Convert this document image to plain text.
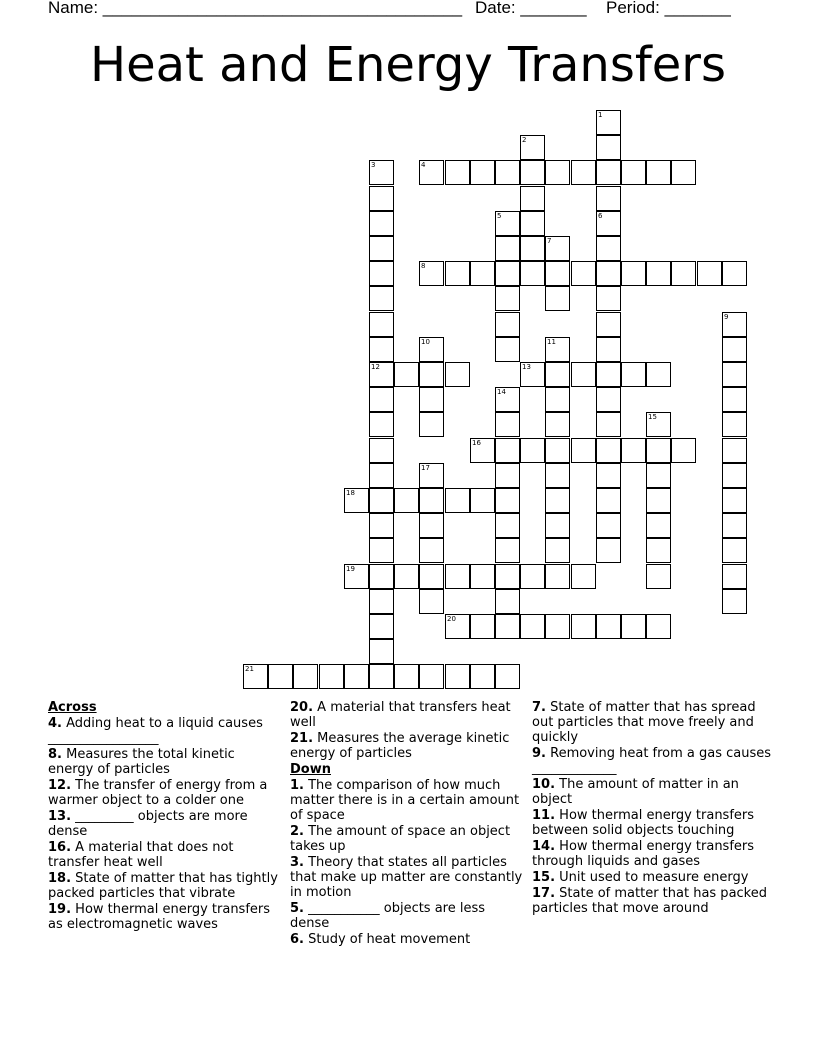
Name: ______________________________________ Date: _______ Period: _______
Heat and Energy Transfers
1
6
2
3
12
4
5
7
8
9
10	11
13
14
15
16
17
18
19
20
21
Across
4. Adding heat to a liquid causes _________________
8. Measures the total kinetic energy of particles
12. The transfer of energy from a warmer object to a colder one
13. _________ objects are more dense
16. A material that does not transfer heat well
18. State of matter that has tightly packed particles that vibrate
19. How thermal energy transfers as electromagnetic waves
20. A material that transfers heat well
21. Measures the average kinetic energy of particles
Down
1. The comparison of how much matter there is in a certain amount of space
2. The amount of space an object takes up
3. Theory that states all particles that make up matter are constantly in motion
5. ___________ objects are less dense
6. Study of heat movement
7. State of matter that has spread out particles that move freely and quickly
9. Removing heat from a gas causes _____________
10. The amount of matter in an object
11. How thermal energy transfers between solid objects touching
14. How thermal energy transfers through liquids and gases
15. Unit used to measure energy
17. State of matter that has packed particles that move around
